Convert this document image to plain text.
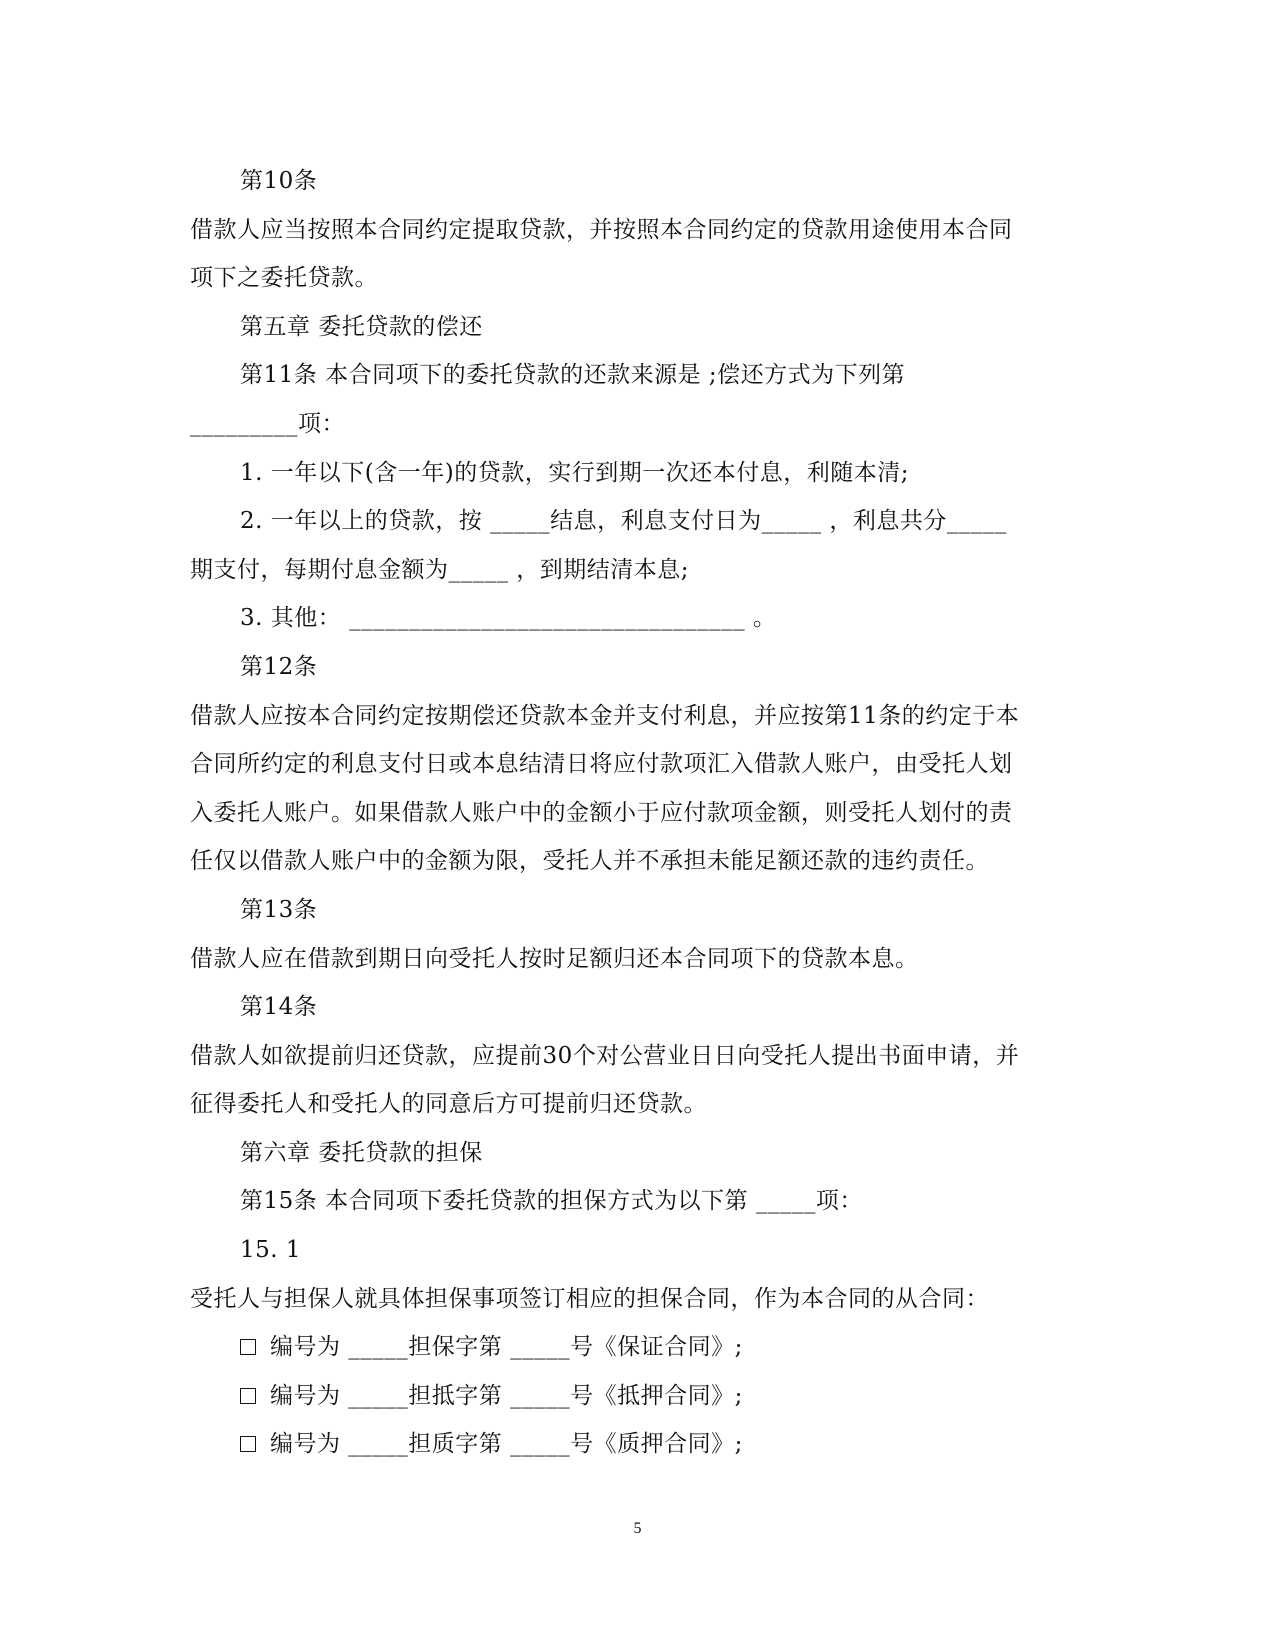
第10条
借款人应当按照本合同约定提取贷款，并按照本合同约定的贷款用途使用本合同
项下之委托贷款。
第五章 委托贷款的偿还
第11条 本合同项下的委托贷款的还款来源是 ;偿还方式为下列第
_________项：
1. 一年以下(含一年)的贷款，实行到期一次还本付息，利随本清;
2. 一年以上的贷款，按 _____结息，利息支付日为_____ ，利息共分_____
期支付，每期付息金额为_____ ，到期结清本息;
3. 其他： _________________________________ 。
第12条
借款人应按本合同约定按期偿还贷款本金并支付利息，并应按第11条的约定于本
合同所约定的利息支付日或本息结清日将应付款项汇入借款人账户，由受托人划
入委托人账户。如果借款人账户中的金额小于应付款项金额，则受托人划付的责
任仅以借款人账户中的金额为限，受托人并不承担未能足额还款的违约责任。
第13条
借款人应在借款到期日向受托人按时足额归还本合同项下的贷款本息。
第14条
借款人如欲提前归还贷款，应提前30个对公营业日日向受托人提出书面申请，并
征得委托人和受托人的同意后方可提前归还贷款。
第六章 委托贷款的担保
第15条 本合同项下委托贷款的担保方式为以下第 _____项：
15. 1
受托人与担保人就具体担保事项签订相应的担保合同，作为本合同的从合同：
编号为 _____担保字第 _____号《保证合同》;
编号为 _____担抵字第 _____号《抵押合同》;
编号为 _____担质字第 _____号《质押合同》;
5
